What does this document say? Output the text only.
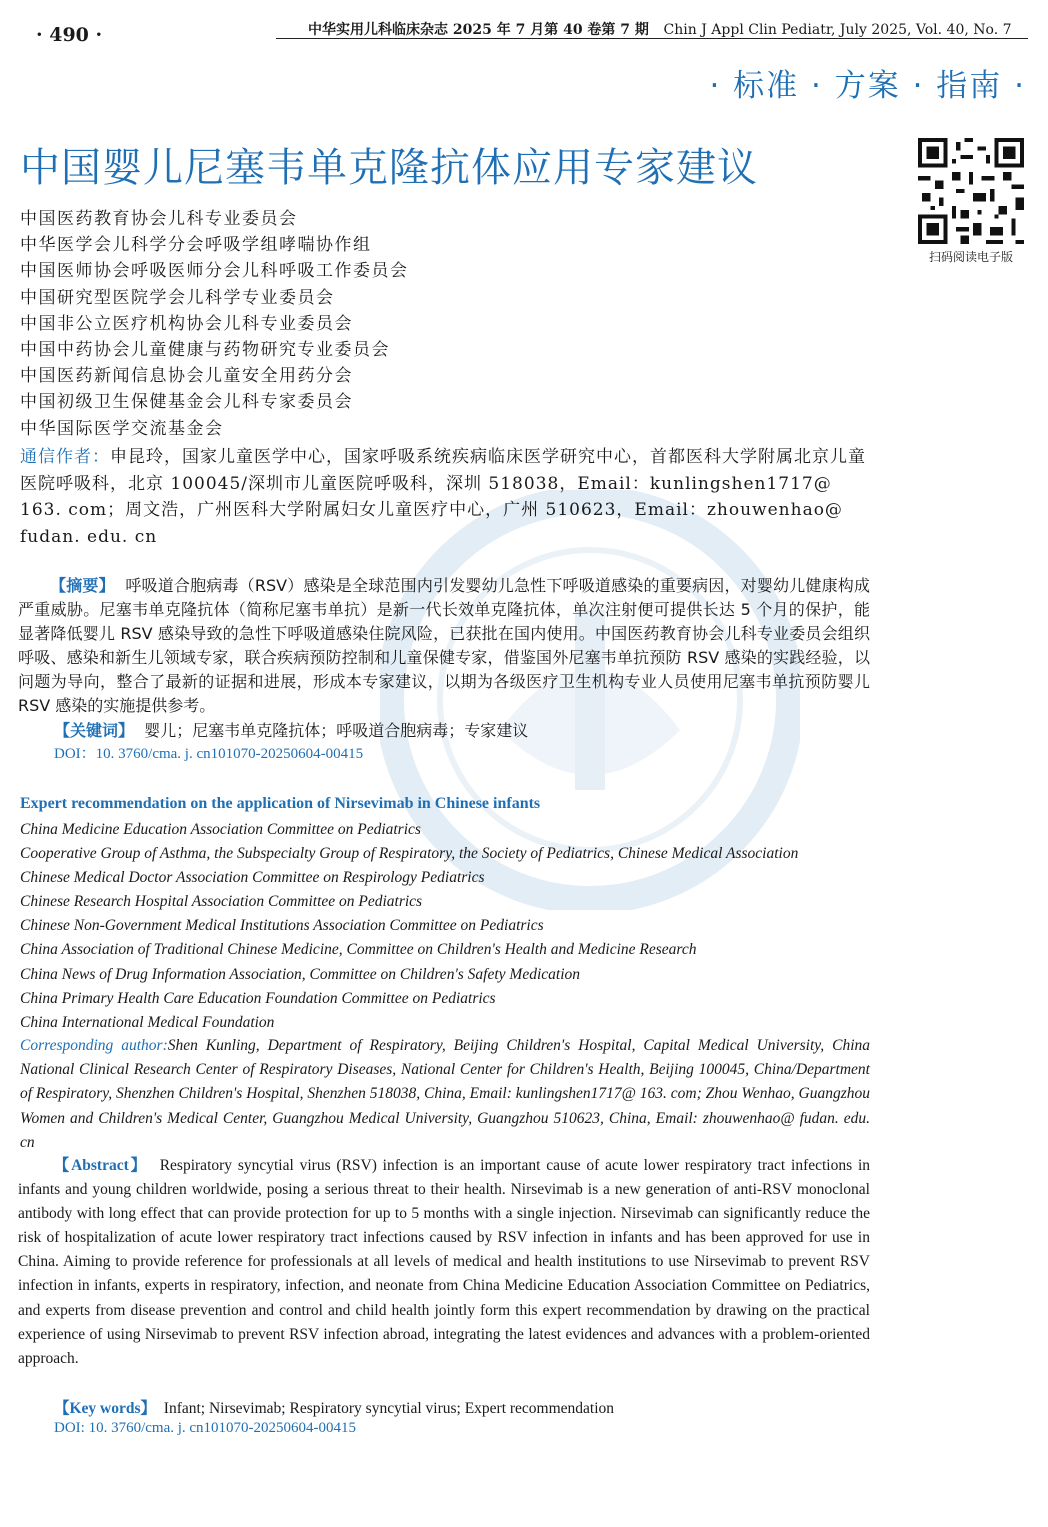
· 490 ·	中华实用儿科临床杂志 2025 年 7 月第 40 卷第 7 期 Chin J Appl Clin Pediatr, July 2025, Vol. 40, No. 7
· 标准 · 方案 · 指南 ·
中国婴儿尼塞韦单克隆抗体应用专家建议
扫码阅读电子版
中国医药教育协会儿科专业委员会
中华医学会儿科学分会呼吸学组哮喘协作组
中国医师协会呼吸医师分会儿科呼吸工作委员会
中国研究型医院学会儿科学专业委员会
中国非公立医疗机构协会儿科专业委员会
中国中药协会儿童健康与药物研究专业委员会
中国医药新闻信息协会儿童安全用药分会
中国初级卫生保健基金会儿科专家委员会
中华国际医学交流基金会
通信作者：申昆玲，国家儿童医学中心，国家呼吸系统疾病临床医学研究中心，首都医科大学附属北京儿童医院呼吸科，北京 100045/深圳市儿童医院呼吸科，深圳 518038，Email：kunlingshen1717@ 163. com；周文浩，广州医科大学附属妇女儿童医疗中心，广州 510623，Email：zhouwenhao@ fudan. edu. cn
【摘要】 呼吸道合胞病毒（RSV）感染是全球范围内引发婴幼儿急性下呼吸道感染的重要病因，对婴幼儿健康构成严重威胁。尼塞韦单克隆抗体（简称尼塞韦单抗）是新一代长效单克隆抗体，单次注射便可提供长达 5 个月的保护，能显著降低婴儿 RSV 感染导致的急性下呼吸道感染住院风险，已获批在国内使用。中国医药教育协会儿科专业委员会组织呼吸、感染和新生儿领域专家，联合疾病预防控制和儿童保健专家，借鉴国外尼塞韦单抗预防 RSV 感染的实践经验，以问题为导向，整合了最新的证据和进展，形成本专家建议，以期为各级医疗卫生机构专业人员使用尼塞韦单抗预防婴儿 RSV 感染的实施提供参考。
【关键词】 婴儿；尼塞韦单克隆抗体；呼吸道合胞病毒；专家建议
DOI：10. 3760/cma. j. cn101070-20250604-00415
Expert recommendation on the application of Nirsevimab in Chinese infants
China Medicine Education Association Committee on Pediatrics
Cooperative Group of Asthma, the Subspecialty Group of Respiratory, the Society of Pediatrics, Chinese Medical Association
Chinese Medical Doctor Association Committee on Respirology Pediatrics
Chinese Research Hospital Association Committee on Pediatrics
Chinese Non-Government Medical Institutions Association Committee on Pediatrics
China Association of Traditional Chinese Medicine, Committee on Children's Health and Medicine Research
China News of Drug Information Association, Committee on Children's Safety Medication
China Primary Health Care Education Foundation Committee on Pediatrics
China International Medical Foundation
Corresponding author:Shen Kunling, Department of Respiratory, Beijing Children's Hospital, Capital Medical University, China National Clinical Research Center of Respiratory Diseases, National Center for Children's Health, Beijing 100045, China/Department of Respiratory, Shenzhen Children's Hospital, Shenzhen 518038, China, Email: kunlingshen1717@ 163. com; Zhou Wenhao, Guangzhou Women and Children's Medical Center, Guangzhou Medical University, Guangzhou 510623, China, Email: zhouwenhao@ fudan. edu. cn
【Abstract】 Respiratory syncytial virus (RSV) infection is an important cause of acute lower respiratory tract infections in infants and young children worldwide, posing a serious threat to their health. Nirsevimab is a new generation of anti-RSV monoclonal antibody with long effect that can provide protection for up to 5 months with a single injection. Nirsevimab can significantly reduce the risk of hospitalization of acute lower respiratory tract infections caused by RSV infection in infants and has been approved for use in China. Aiming to provide reference for professionals at all levels of medical and health institutions to use Nirsevimab to prevent RSV infection in infants, experts in respiratory, infection, and neonate from China Medicine Education Association Committee on Pediatrics, and experts from disease prevention and control and child health jointly form this expert recommendation by drawing on the practical experience of using Nirsevimab to prevent RSV infection abroad, integrating the latest evidences and advances with a problem-oriented approach.
【Key words】 Infant; Nirsevimab; Respiratory syncytial virus; Expert recommendation
DOI: 10. 3760/cma. j. cn101070-20250604-00415
